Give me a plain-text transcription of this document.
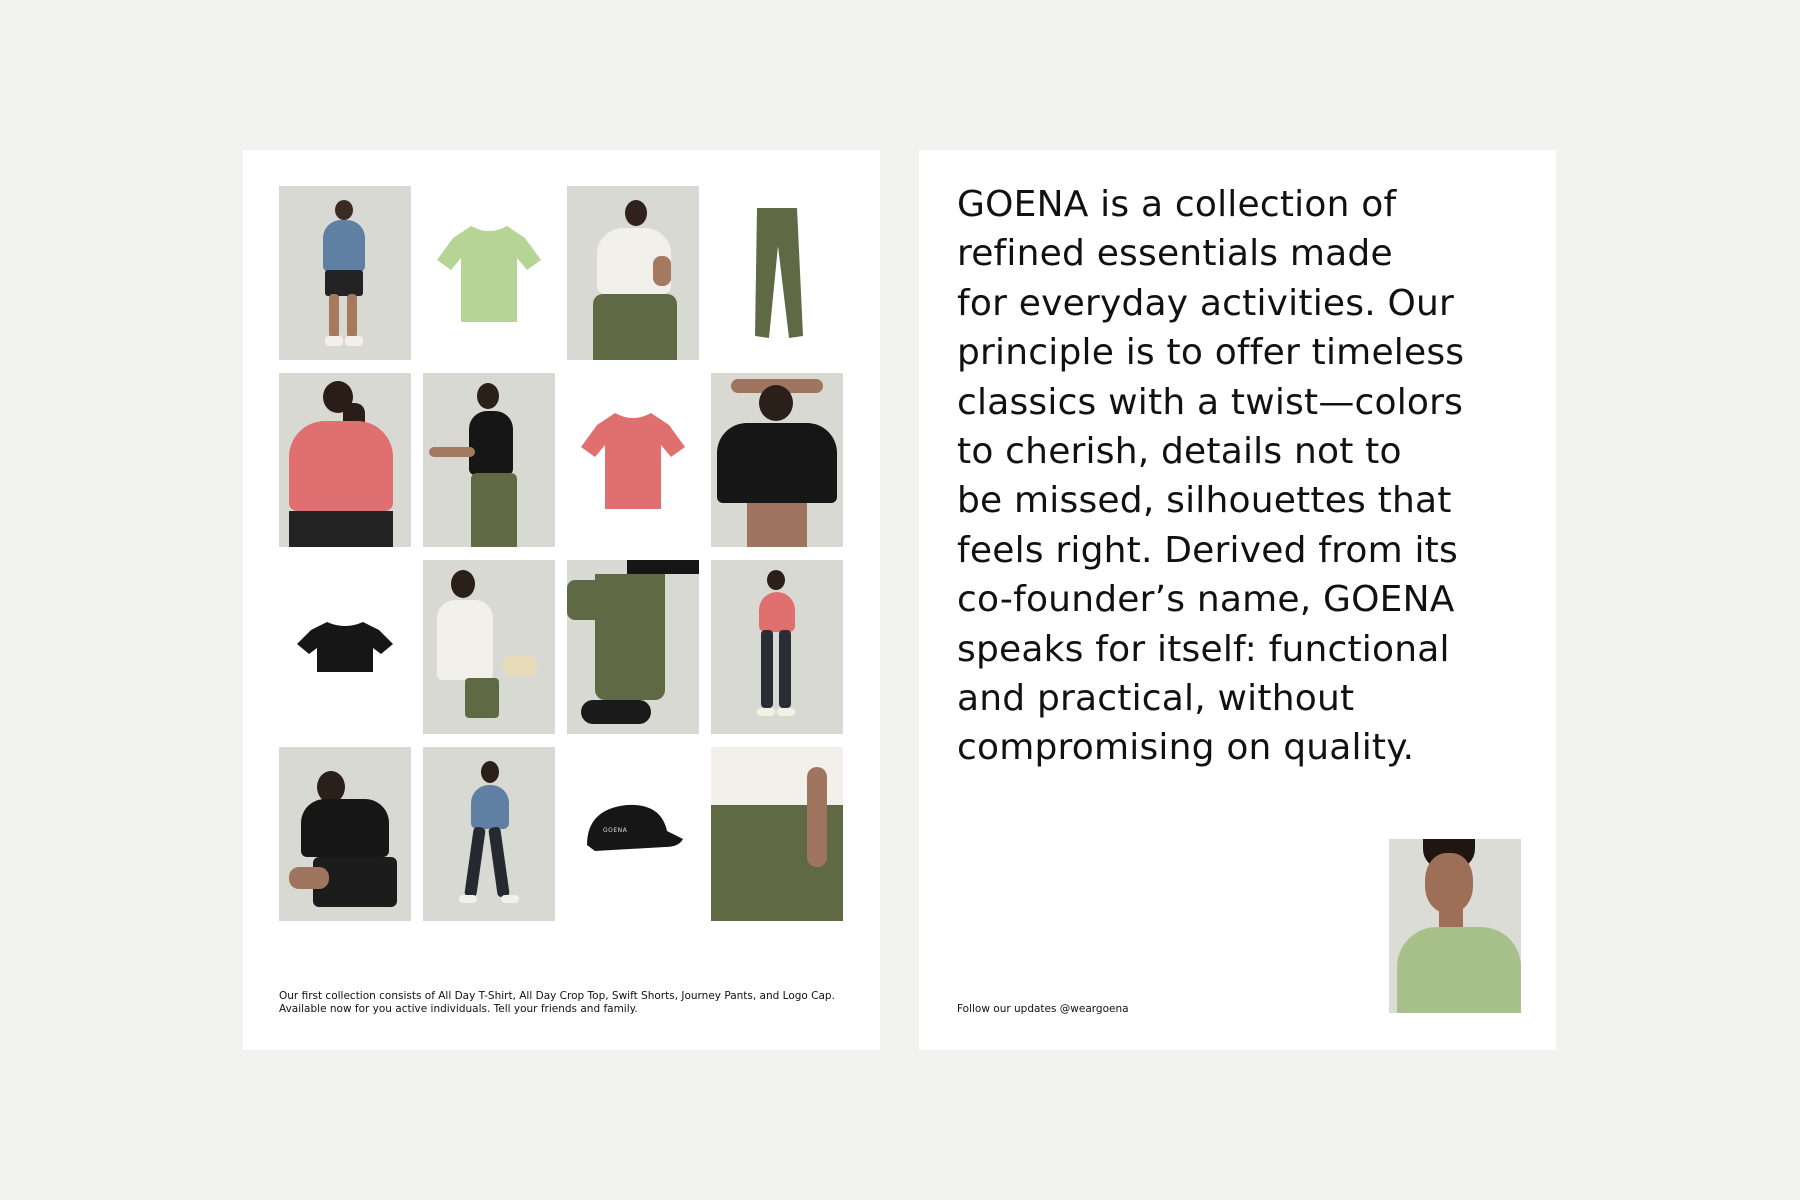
GOENA
Our first collection consists of All Day T-Shirt, All Day Crop Top, Swift Shorts, Journey Pants, and Logo Cap. Available now for you active individuals. Tell your friends and family.
GOENA is a collection of
refined essentials made
for everyday activities. Our
principle is to offer timeless
classics with a twist—colors
to cherish, details not to
be missed, silhouettes that
feels right. Derived from its
co-founder’s name, GOENA
speaks for itself: functional
and practical, without
compromising on quality.
Follow our updates @weargoena
